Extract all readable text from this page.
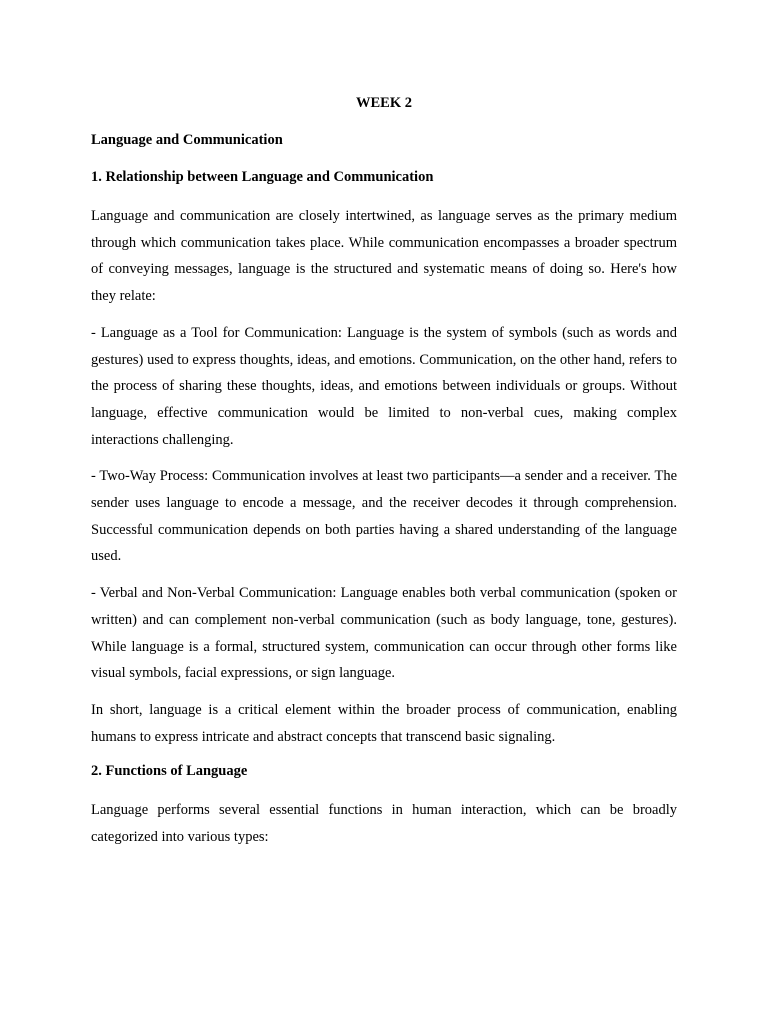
WEEK 2
Language and Communication
1. Relationship between Language and Communication

Language and communication are closely intertwined, as language serves as the primary medium through which communication takes place. While communication encompasses a broader spectrum of conveying messages, language is the structured and systematic means of doing so. Here's how they relate:

- Language as a Tool for Communication: Language is the system of symbols (such as words and gestures) used to express thoughts, ideas, and emotions. Communication, on the other hand, refers to the process of sharing these thoughts, ideas, and emotions between individuals or groups. Without language, effective communication would be limited to non-verbal cues, making complex interactions challenging.

- Two-Way Process: Communication involves at least two participants—a sender and a receiver. The sender uses language to encode a message, and the receiver decodes it through comprehension. Successful communication depends on both parties having a shared understanding of the language used.

- Verbal and Non-Verbal Communication: Language enables both verbal communication (spoken or written) and can complement non-verbal communication (such as body language, tone, gestures). While language is a formal, structured system, communication can occur through other forms like visual symbols, facial expressions, or sign language.

In short, language is a critical element within the broader process of communication, enabling humans to express intricate and abstract concepts that transcend basic signaling.

2. Functions of Language

Language performs several essential functions in human interaction, which can be broadly categorized into various types:
